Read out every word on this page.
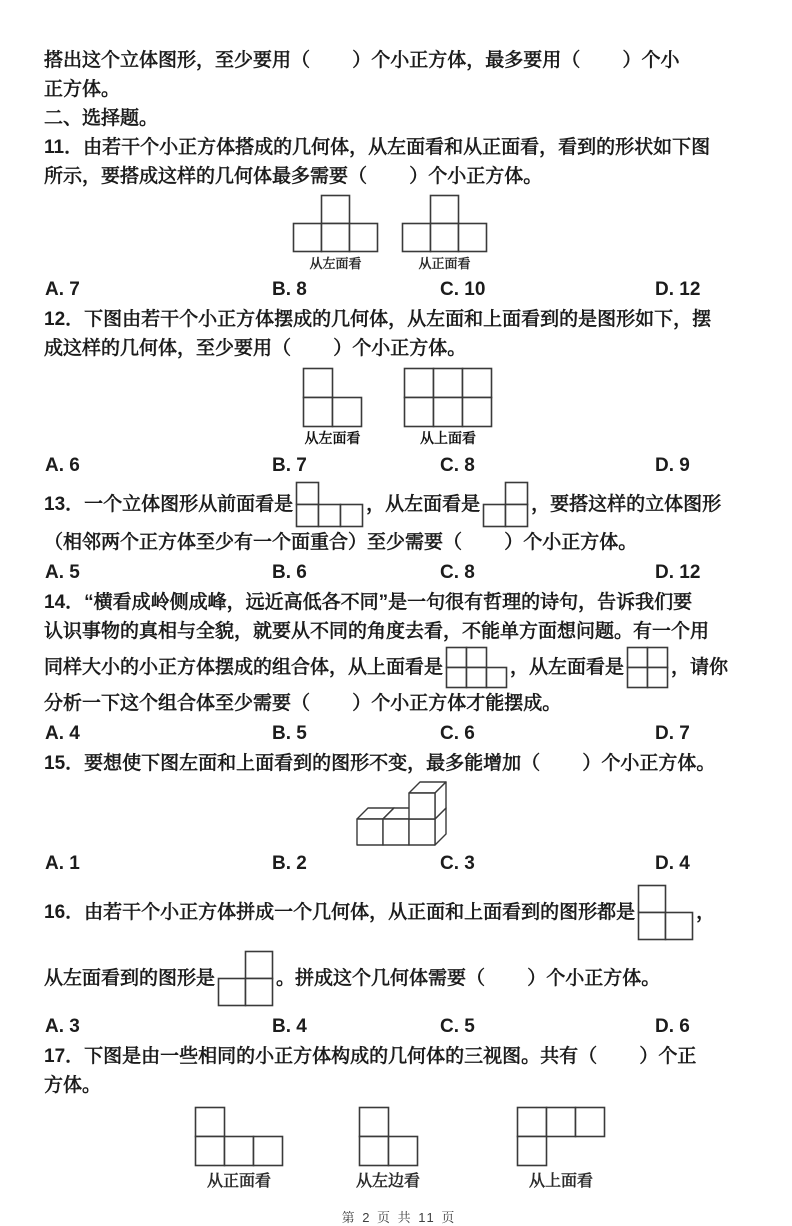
搭出这个立体图形，至少要用（        ）个小正方体，最多要用（        ）个小
正方体。
二、选择题。
11．由若干个小正方体搭成的几何体，从左面看和从正面看，看到的形状如下图
所示，要搭成这样的几何体最多需要（        ）个小正方体。
从左面看	从正面看
A. 7	B. 8	C. 10	D. 12
12．下图由若干个小正方体摆成的几何体，从左面和上面看到的是图形如下，摆
成这样的几何体，至少要用（        ）个小正方体。
从左面看	从上面看
A. 6	B. 7	C. 8	D. 9
13．一个立体图形从前面看是	，从左面看是	，要搭这样的立体图形
（相邻两个正方体至少有一个面重合）至少需要（        ）个小正方体。
A. 5	B. 6	C. 8	D. 12
14．“横看成岭侧成峰，远近高低各不同”是一句很有哲理的诗句，告诉我们要
认识事物的真相与全貌，就要从不同的角度去看，不能单方面想问题。有一个用
同样大小的小正方体摆成的组合体，从上面看是	，从左面看是 ，请你
分析一下这个组合体至少需要（        ）个小正方体才能摆成。
A. 4	B. 5	C. 6	D. 7
15．要想使下图左面和上面看到的图形不变，最多能增加（        ）个小正方体。
A. 1	B. 2	C. 3	D. 4
16．由若干个小正方体拼成一个几何体，从正面和上面看到的图形都是	，
从左面看到的图形是	。拼成这个几何体需要（        ）个小正方体。
A. 3	B. 4	C. 5	D. 6
17．下图是由一些相同的小正方体构成的几何体的三视图。共有（        ）个正
方体。
从正面看	从左边看	从上面看
第 2 页 共 11 页
